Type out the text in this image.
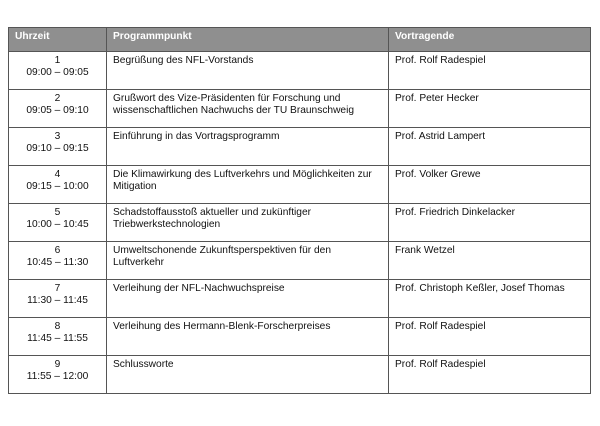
Uhrzeit	Programmpunkt	Vortragende

1
09:00 – 09:05	Begrüßung des NFL-Vorstands	Prof. Rolf Radespiel

2
09:05 – 09:10	Grußwort des Vize-Präsidenten für Forschung und wissenschaftlichen Nachwuchs der TU Braunschweig	Prof. Peter Hecker

3
09:10 – 09:15	Einführung in das Vortragsprogramm	Prof. Astrid Lampert

4
09:15 – 10:00	Die Klimawirkung des Luftverkehrs und Möglichkeiten zur Mitigation	Prof. Volker Grewe

5
10:00 – 10:45	Schadstoffausstoß aktueller und zukünftiger Triebwerkstechnologien	Prof. Friedrich Dinkelacker

6
10:45 – 11:30	Umweltschonende Zukunftsperspektiven für den Luftverkehr	Frank Wetzel

7
11:30 – 11:45	Verleihung der NFL-Nachwuchspreise	Prof. Christoph Keßler, Josef Thomas

8
11:45 – 11:55	Verleihung des Hermann-Blenk-Forscherpreises	Prof. Rolf Radespiel

9
11:55 – 12:00	Schlussworte	Prof. Rolf Radespiel
